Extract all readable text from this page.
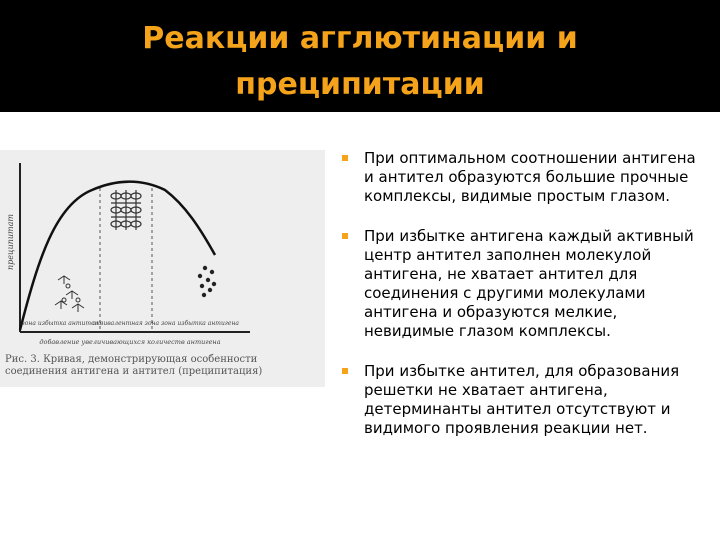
Реакции агглютинации и
преципитации
преципитат
зона избытка антител
эквивалентная зона зона избытка антигена
добавление увеличивающихся количеств антигена
Рис. 3. Кривая, демонстрирующая особенности
соединения антигена и антител (преципитация)
При оптимальном соотношении антигена и антител образуются большие прочные комплексы, видимые простым глазом.
При избытке антигена каждый активный центр антител заполнен молекулой антигена, не хватает антител для соединения с другими молекулами антигена и образуются мелкие, невидимые глазом комплексы.
При избытке антител, для образования решетки не хватает антигена, детерминанты антител отсутствуют и видимого проявления реакции нет.
